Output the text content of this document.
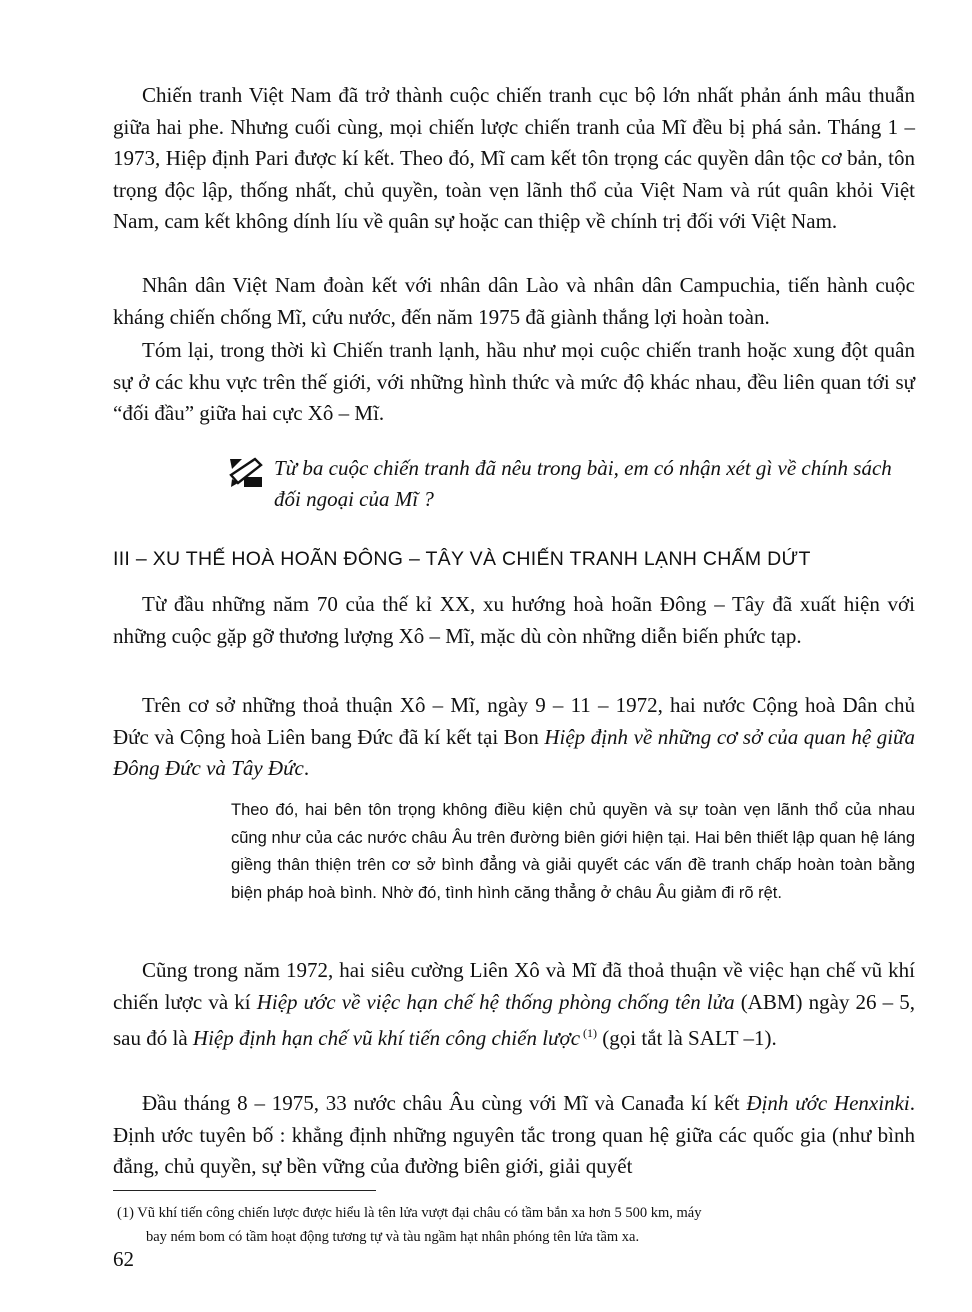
Chiến tranh Việt Nam đã trở thành cuộc chiến tranh cục bộ lớn nhất phản ánh mâu thuẫn giữa hai phe. Nhưng cuối cùng, mọi chiến lược chiến tranh của Mĩ đều bị phá sản. Tháng 1 – 1973, Hiệp định Pari được kí kết. Theo đó, Mĩ cam kết tôn trọng các quyền dân tộc cơ bản, tôn trọng độc lập, thống nhất, chủ quyền, toàn vẹn lãnh thổ của Việt Nam và rút quân khỏi Việt Nam, cam kết không dính líu về quân sự hoặc can thiệp về chính trị đối với Việt Nam.

Nhân dân Việt Nam đoàn kết với nhân dân Lào và nhân dân Campuchia, tiến hành cuộc kháng chiến chống Mĩ, cứu nước, đến năm 1975 đã giành thắng lợi hoàn toàn.

Tóm lại, trong thời kì Chiến tranh lạnh, hầu như mọi cuộc chiến tranh hoặc xung đột quân sự ở các khu vực trên thế giới, với những hình thức và mức độ khác nhau, đều liên quan tới sự “đối đầu” giữa hai cực Xô – Mĩ.

Từ ba cuộc chiến tranh đã nêu trong bài, em có nhận xét gì về chính sách đối ngoại của Mĩ ?

III – XU THẾ HOÀ HOÃN ĐÔNG – TÂY VÀ CHIẾN TRANH LẠNH CHẤM DỨT

Từ đầu những năm 70 của thế kỉ XX, xu hướng hoà hoãn Đông – Tây đã xuất hiện với những cuộc gặp gỡ thương lượng Xô – Mĩ, mặc dù còn những diễn biến phức tạp.

Trên cơ sở những thoả thuận Xô – Mĩ, ngày 9 – 11 – 1972, hai nước Cộng hoà Dân chủ Đức và Cộng hoà Liên bang Đức đã kí kết tại Bon Hiệp định về những cơ sở của quan hệ giữa Đông Đức và Tây Đức.

Theo đó, hai bên tôn trọng không điều kiện chủ quyền và sự toàn vẹn lãnh thổ của nhau cũng như của các nước châu Âu trên đường biên giới hiện tại. Hai bên thiết lập quan hệ láng giềng thân thiện trên cơ sở bình đẳng và giải quyết các vấn đề tranh chấp hoàn toàn bằng biện pháp hoà bình. Nhờ đó, tình hình căng thẳng ở châu Âu giảm đi rõ rệt.

Cũng trong năm 1972, hai siêu cường Liên Xô và Mĩ đã thoả thuận về việc hạn chế vũ khí chiến lược và kí Hiệp ước về việc hạn chế hệ thống phòng chống tên lửa (ABM) ngày 26 – 5, sau đó là Hiệp định hạn chế vũ khí tiến công chiến lược $^{(1)}$ (gọi tắt là SALT –1).

Đầu tháng 8 – 1975, 33 nước châu Âu cùng với Mĩ và Canađa kí kết Định ước Henxinki. Định ước tuyên bố : khẳng định những nguyên tắc trong quan hệ giữa các quốc gia (như bình đẳng, chủ quyền, sự bền vững của đường biên giới, giải quyết

(1) Vũ khí tiến công chiến lược được hiểu là tên lửa vượt đại châu có tầm bắn xa hơn 5 500 km, máy
bay ném bom có tầm hoạt động tương tự và tàu ngầm hạt nhân phóng tên lửa tầm xa.
62
